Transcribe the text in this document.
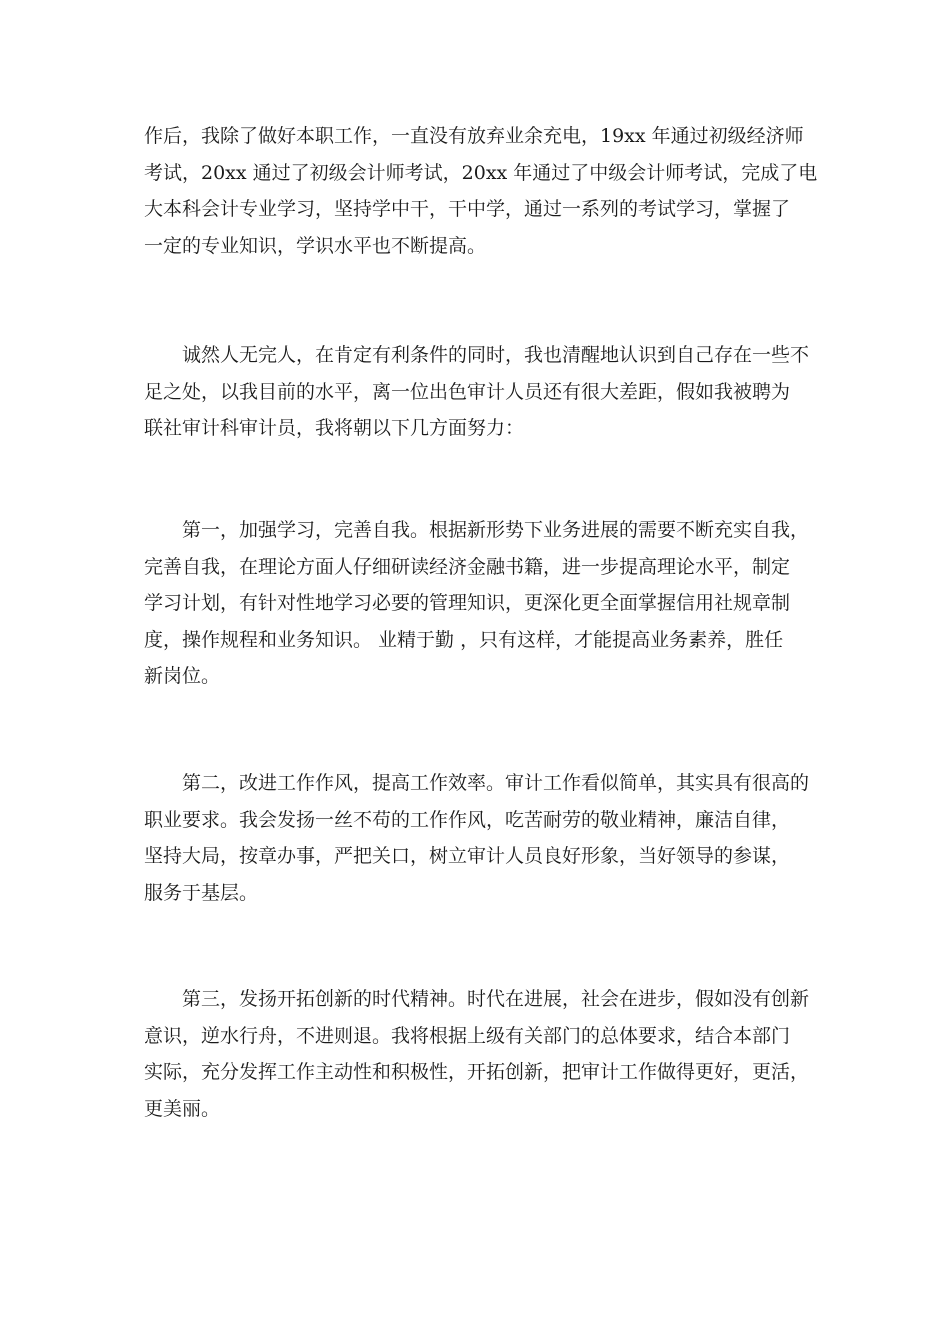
作后，我除了做好本职工作，一直没有放弃业余充电，19xx 年通过初级经济师
考试，20xx 通过了初级会计师考试，20xx 年通过了中级会计师考试，完成了电
大本科会计专业学习，坚持学中干，干中学，通过一系列的考试学习，掌握了
一定的专业知识，学识水平也不断提高。

　　诚然人无完人，在肯定有利条件的同时，我也清醒地认识到自己存在一些不
足之处，以我目前的水平，离一位出色审计人员还有很大差距，假如我被聘为
联社审计科审计员，我将朝以下几方面努力：

　　第一，加强学习，完善自我。根据新形势下业务进展的需要不断充实自我，
完善自我，在理论方面人仔细研读经济金融书籍，进一步提高理论水平，制定
学习计划，有针对性地学习必要的管理知识，更深化更全面掌握信用社规章制
度，操作规程和业务知识。 业精于勤 ，只有这样，才能提高业务素养，胜任
新岗位。

　　第二，改进工作作风，提高工作效率。审计工作看似简单，其实具有很高的
职业要求。我会发扬一丝不苟的工作作风，吃苦耐劳的敬业精神，廉洁自律，
坚持大局，按章办事，严把关口，树立审计人员良好形象，当好领导的参谋，
服务于基层。

　　第三，发扬开拓创新的时代精神。时代在进展，社会在进步，假如没有创新
意识，逆水行舟，不进则退。我将根据上级有关部门的总体要求，结合本部门
实际，充分发挥工作主动性和积极性，开拓创新，把审计工作做得更好，更活，
更美丽。
